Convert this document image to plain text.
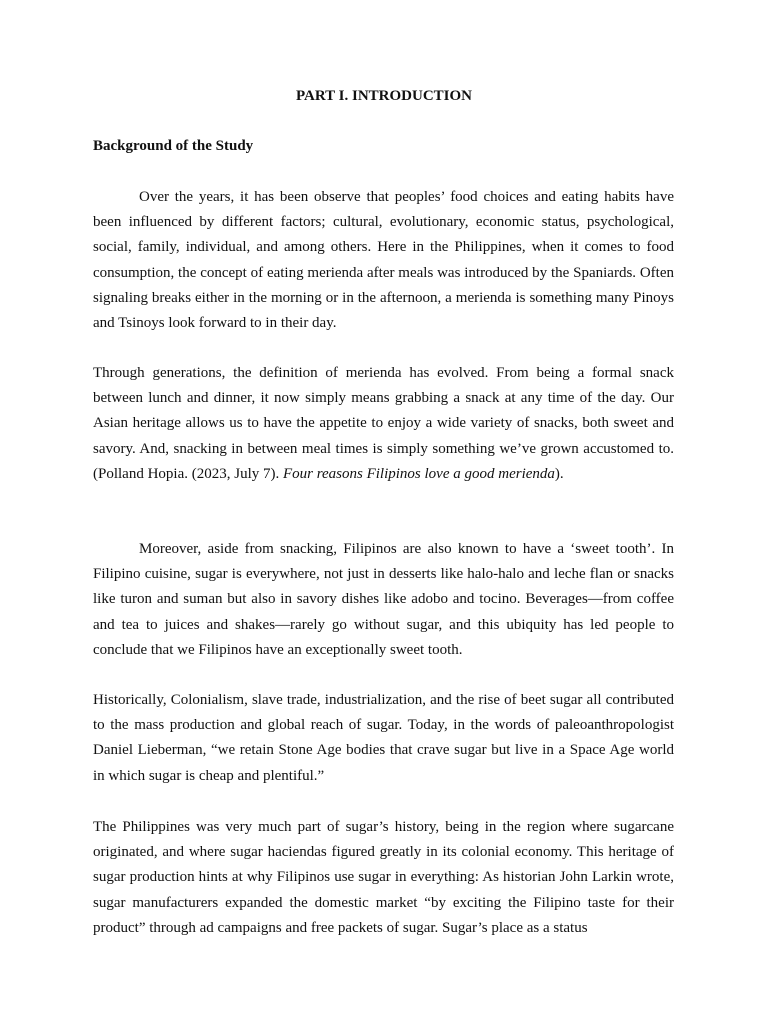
PART I. INTRODUCTION
Background of the Study

Over the years, it has been observe that peoples’ food choices and eating habits have been influenced by different factors; cultural, evolutionary, economic status, psychological, social, family, individual, and among others. Here in the Philippines, when it comes to food consumption, the concept of eating merienda after meals was introduced by the Spaniards. Often signaling breaks either in the morning or in the afternoon, a merienda is something many Pinoys and Tsinoys look forward to in their day.

Through generations, the definition of merienda has evolved. From being a formal snack between lunch and dinner, it now simply means grabbing a snack at any time of the day. Our Asian heritage allows us to have the appetite to enjoy a wide variety of snacks, both sweet and savory. And, snacking in between meal times is simply something we’ve grown accustomed to. (Polland Hopia. (2023, July 7). Four reasons Filipinos love a good merienda).

Moreover, aside from snacking, Filipinos are also known to have a ‘sweet tooth’. In Filipino cuisine, sugar is everywhere, not just in desserts like halo-halo and leche flan or snacks like turon and suman but also in savory dishes like adobo and tocino. Beverages—from coffee and tea to juices and shakes—rarely go without sugar, and this ubiquity has led people to conclude that we Filipinos have an exceptionally sweet tooth.

Historically, Colonialism, slave trade, industrialization, and the rise of beet sugar all contributed to the mass production and global reach of sugar. Today, in the words of paleoanthropologist Daniel Lieberman, “we retain Stone Age bodies that crave sugar but live in a Space Age world in which sugar is cheap and plentiful.”

The Philippines was very much part of sugar’s history, being in the region where sugarcane originated, and where sugar haciendas figured greatly in its colonial economy. This heritage of sugar production hints at why Filipinos use sugar in everything: As historian John Larkin wrote, sugar manufacturers expanded the domestic market “by exciting the Filipino taste for their product” through ad campaigns and free packets of sugar. Sugar’s place as a status
